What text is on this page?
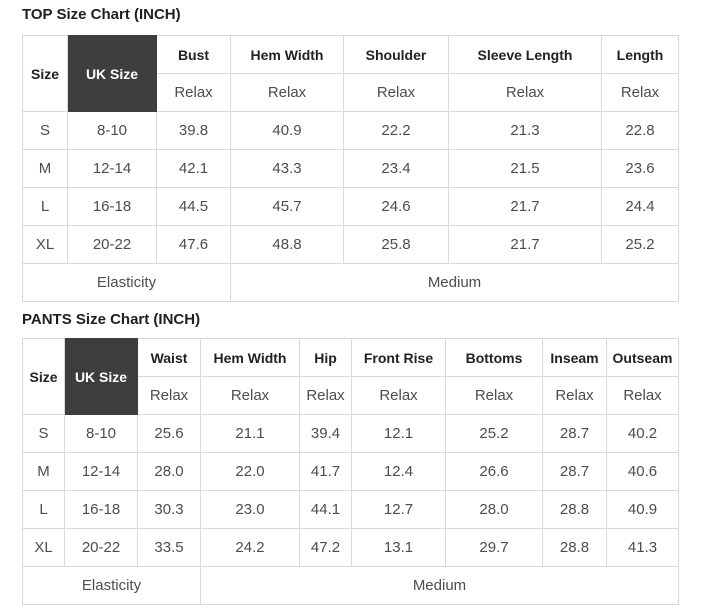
TOP Size Chart (INCH)
Size	UK Size	Bust	Hem Width	Shoulder	Sleeve Length	Length
		Relax	Relax	Relax	Relax	Relax
S	8-10	39.8	40.9	22.2	21.3	22.8
M	12-14	42.1	43.3	23.4	21.5	23.6
L	16-18	44.5	45.7	24.6	21.7	24.4
XL	20-22	47.6	48.8	25.8	21.7	25.2
Elasticity			Medium			
PANTS Size Chart (INCH)
Size	UK Size	Waist	Hem Width	Hip	Front Rise	Bottoms	Inseam	Outseam
		Relax	Relax	Relax	Relax	Relax	Relax	Relax
S	8-10	25.6	21.1	39.4	12.1	25.2	28.7	40.2
M	12-14	28.0	22.0	41.7	12.4	26.6	28.7	40.6
L	16-18	30.3	23.0	44.1	12.7	28.0	28.8	40.9
XL	20-22	33.5	24.2	47.2	13.1	29.7	28.8	41.3
Elasticity			Medium					
